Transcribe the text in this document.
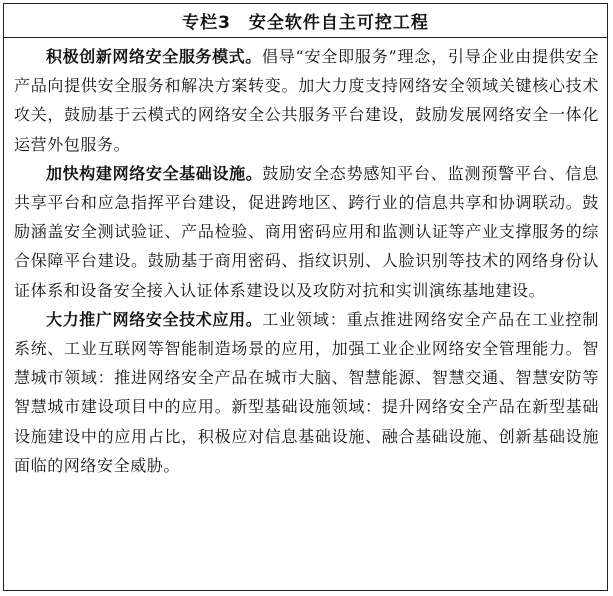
专栏3 安全软件自主可控工程

积极创新网络安全服务模式。倡导“安全即服务”理念，引导企业由提供安全产品向提供安全服务和解决方案转变。加大力度支持网络安全领域关键核心技术攻关，鼓励基于云模式的网络安全公共服务平台建设，鼓励发展网络安全一体化运营外包服务。

加快构建网络安全基础设施。鼓励安全态势感知平台、监测预警平台、信息共享平台和应急指挥平台建设，促进跨地区、跨行业的信息共享和协调联动。鼓励涵盖安全测试验证、产品检验、商用密码应用和监测认证等产业支撑服务的综合保障平台建设。鼓励基于商用密码、指纹识别、人脸识别等技术的网络身份认证体系和设备安全接入认证体系建设以及攻防对抗和实训演练基地建设。

大力推广网络安全技术应用。工业领域：重点推进网络安全产品在工业控制系统、工业互联网等智能制造场景的应用，加强工业企业网络安全管理能力。智慧城市领域：推进网络安全产品在城市大脑、智慧能源、智慧交通、智慧安防等智慧城市建设项目中的应用。新型基础设施领域：提升网络安全产品在新型基础设施建设中的应用占比，积极应对信息基础设施、融合基础设施、创新基础设施面临的网络安全威胁。
